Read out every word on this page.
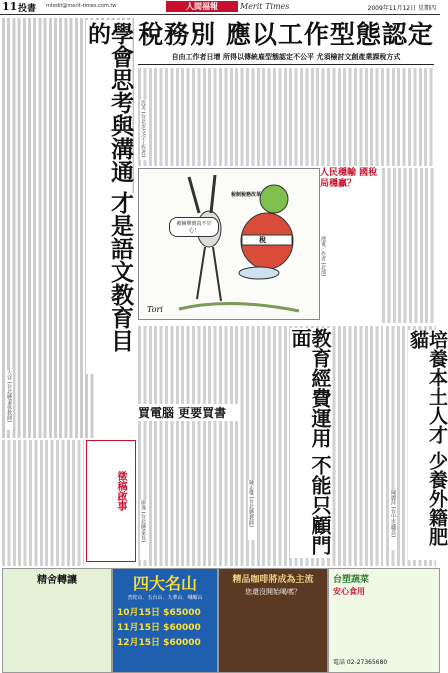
11 投書 mtedit@merit-times.com.tw	人間福報	Merit Times	2009年11月12日 星期四
稅務別 應以工作型態認定
自由工作者日增 所得以傳統雇型態認定不公平 尤須檢討文創產業課稅方式
學會思考與溝通 才是語文教育目的
大容 (台北縣/退休教師)
沈英 (台北市/文字工作者)
被檢舉到真不甘心！
稅制稅務改革
稅
Tori
人民穩輸 國稅局穩贏？
漫畫／作者 (北部)
教育經費運用 不能只顧門面
陳志傑 (台北縣/教師)
買電腦 更要買書
廖逸 (台北縣/家長)	培養本土人才 少養外籍肥貓
陳麗萍 (台中市/職員)
徵稿啟事
精舍轉讓	四大名山
普陀山．五台山．九華山．峨嵋山
10月15日 $65000
11月15日 $60000
12月15日 $60000
精品咖啡將成為主流
您還沒開始喝嗎？
台塑蔬菜
安心食用
電話 02-27365680
